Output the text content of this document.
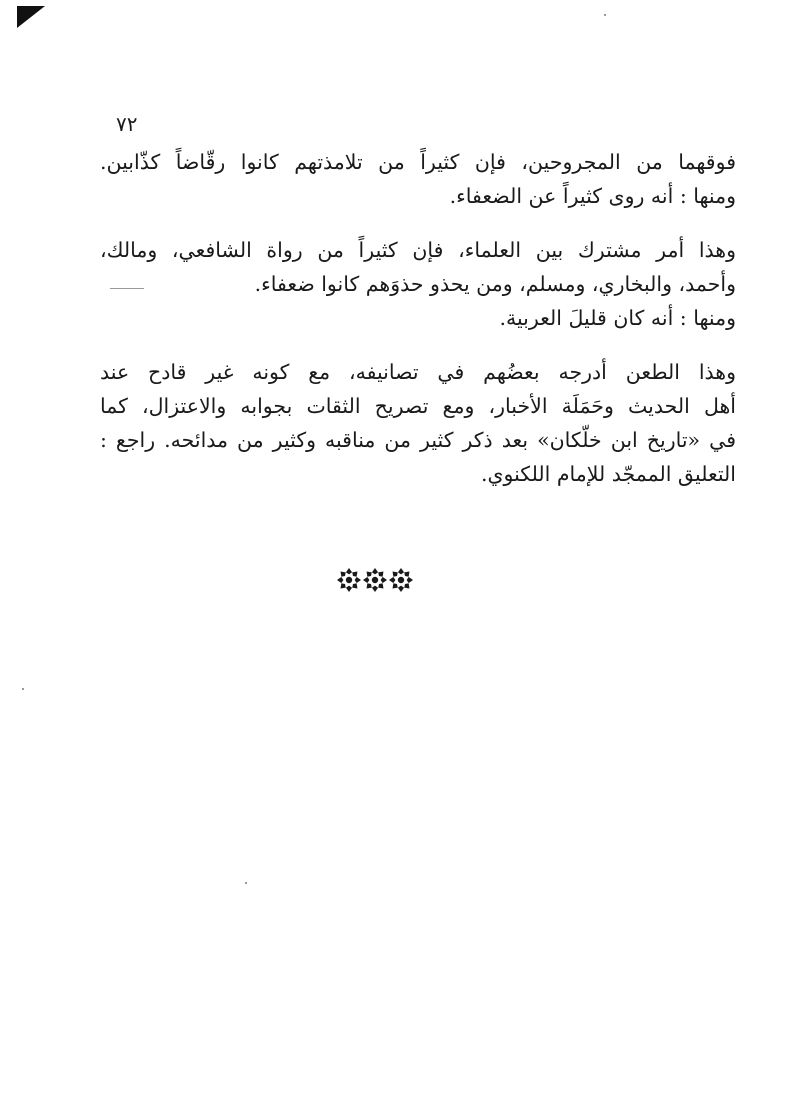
٧٢
فوقهما من المجروحين، فإن كثيراً من تلامذتهم كانوا رقّاضاً كذّابين.
ومنها : أنه روى كثيراً عن الضعفاء.
وهذا أمر مشترك بين العلماء، فإن كثيراً من رواة الشافعي، ومالك،
وأحمد، والبخاري، ومسلم، ومن يحذو حذوَهم كانوا ضعفاء.
ومنها : أنه كان قليلَ العربية.
وهذا الطعن أدرجه بعضُهم في تصانيفه، مع كونه غير قادح عند
أهل الحديث وحَمَلَة الأخبار، ومع تصريح الثقات بجوابه والاعتزال، كما
في «تاريخ ابن خلّكان» بعد ذكر كثير من مناقبه وكثير من مدائحه. راجع :
التعليق الممجّد للإمام اللكنوي.
